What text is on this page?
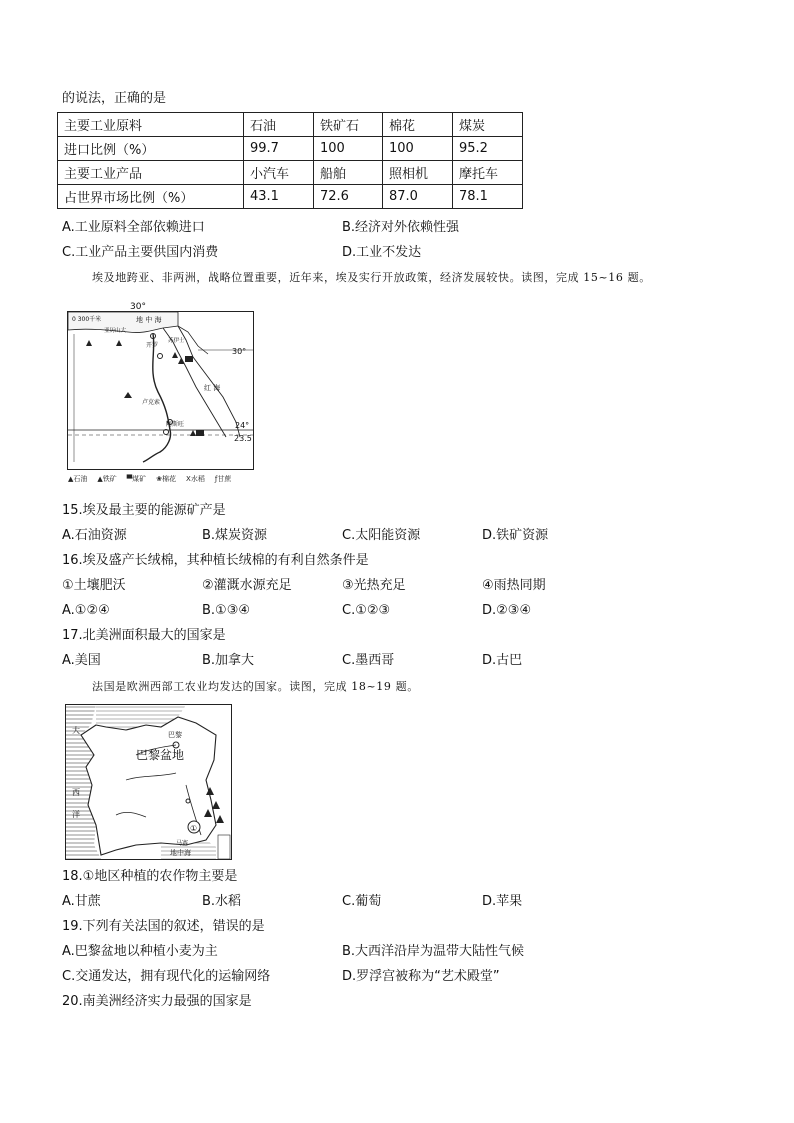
的说法，正确的是
主要工业原料	石油	铁矿石	棉花	煤炭
进口比例（%）	99.7	100	100	95.2
主要工业产品	小汽车	船舶	照相机	摩托车
占世界市场比例（%）	43.1	72.6	87.0	78.1
A.工业原料全部依赖进口	B.经济对外依赖性强
C.工业产品主要供国内消费	D.工业不发达
埃及地跨亚、非两洲，战略位置重要，近年来，埃及实行开放政策，经济发展较快。读图，完成 15~16 题。
30°
30°
24°
23.5
0 300千米	地 中 海
亚历山大
开罗
苏伊士
红 海
卢克索
阿斯旺
▲石油 ▲铁矿 ▀煤矿 ❀棉花 Ⅹ水稻 ƒ甘蔗
15.埃及最主要的能源矿产是
A.石油资源	B.煤炭资源	C.太阳能资源	D.铁矿资源
16.埃及盛产长绒棉，其种植长绒棉的有利自然条件是
①土壤肥沃	②灌溉水源充足	③光热充足	④雨热同期
A.①②④	B.①③④	C.①②③	D.②③④
17.北美洲面积最大的国家是
A.美国	B.加拿大	C.墨西哥	D.古巴
法国是欧洲西部工农业均发达的国家。读图，完成 18~19 题。
大
西
洋
巴黎盆地
巴黎
①
马赛
地中海
18.①地区种植的农作物主要是
A.甘蔗	B.水稻	C.葡萄	D.苹果
19.下列有关法国的叙述，错误的是
A.巴黎盆地以种植小麦为主	B.大西洋沿岸为温带大陆性气候
C.交通发达，拥有现代化的运输网络	D.罗浮宫被称为“艺术殿堂”
20.南美洲经济实力最强的国家是
